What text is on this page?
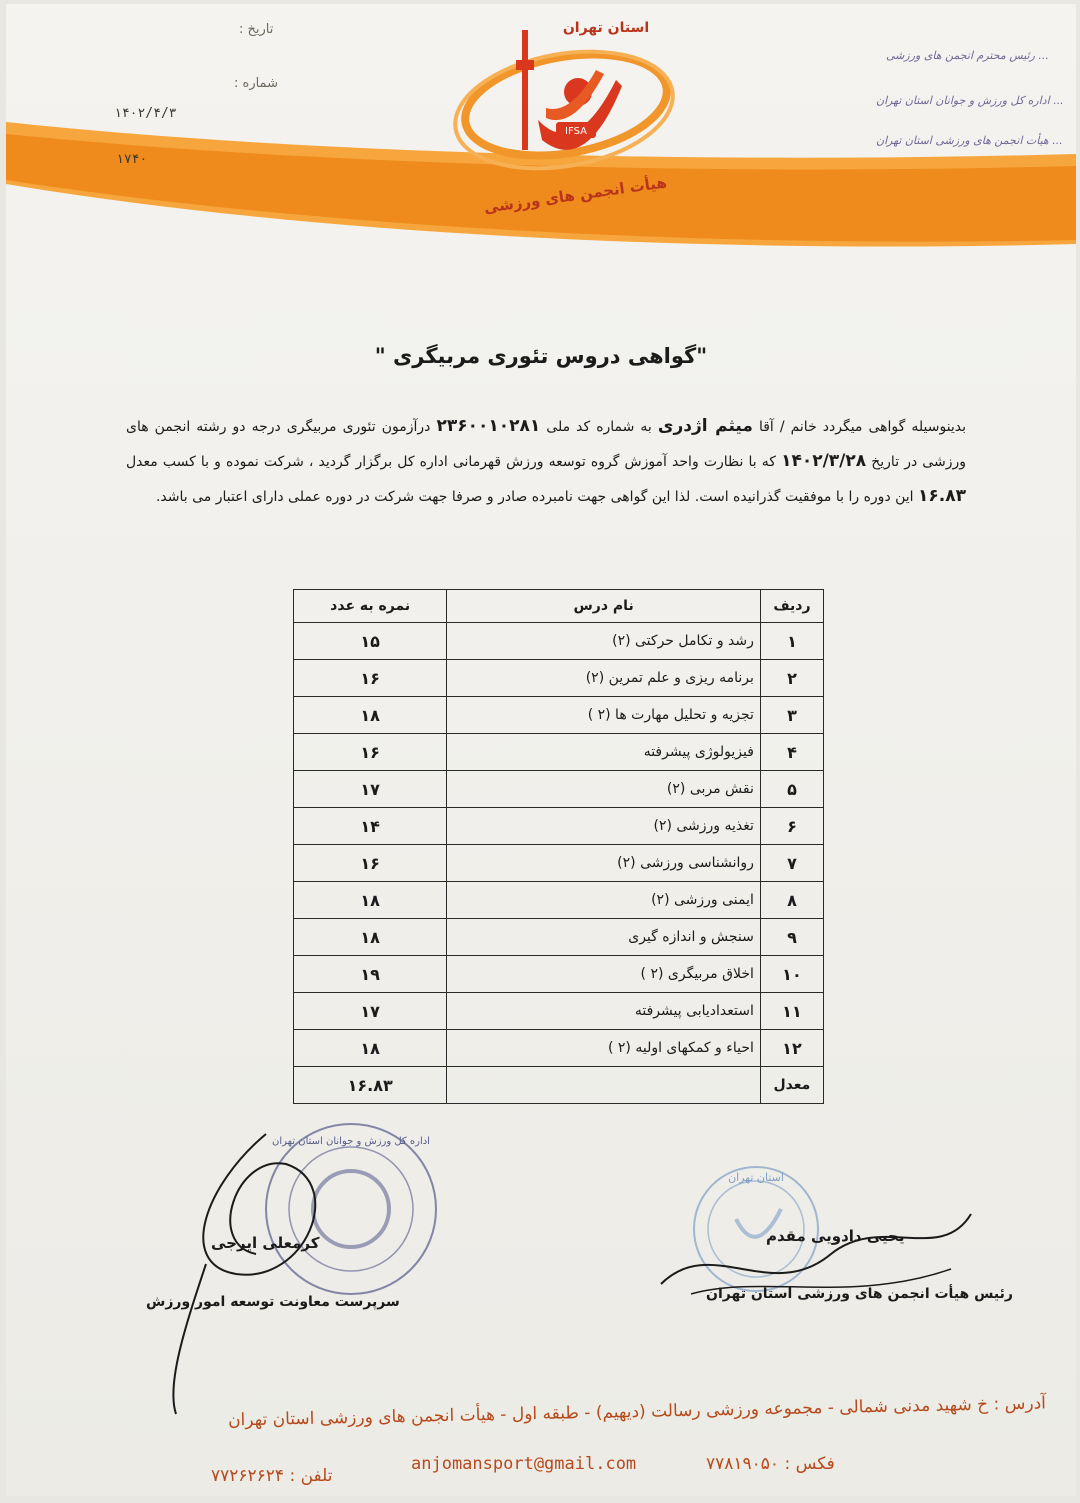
تاریخ :
شماره :
۱۴۰۲/۴/۳
۱۷۴۰
... رئیس محترم انجمن های ورزشی
... اداره کل ورزش و جوانان استان تهران
... هیأت انجمن های ورزشی استان تهران
IFSA
استان تهران
هیأت انجمن های ورزشی
"گواهی دروس تئوری مربیگری "
بدینوسیله گواهی میگردد خانم / آقا میثم اژدری به شماره کد ملی ۲۳۶۰۰۱۰۲۸۱ درآزمون تئوری مربیگری درجه دو رشته انجمن های ورزشی در تاریخ ۱۴۰۲/۳/۲۸ که با نظارت واحد آموزش گروه توسعه ورزش قهرمانی اداره کل برگزار گردید ، شرکت نموده و با کسب معدل ۱۶.۸۳ این دوره را با موفقیت گذرانیده است. لذا این گواهی جهت نامبرده صادر و صرفا جهت شرکت در دوره عملی دارای اعتبار می باشد.
ردیف	نام درس	نمره به عدد
۱	رشد و تکامل حرکتی (۲)	۱۵
۲	برنامه ریزی و علم تمرین (۲)	۱۶
۳	تجزیه و تحلیل مهارت ها (۲ )	۱۸
۴	فیزیولوژی پیشرفته	۱۶
۵	نقش مربی (۲)	۱۷
۶	تغذیه ورزشی (۲)	۱۴
۷	روانشناسی ورزشی (۲)	۱۶
۸	ایمنی ورزشی (۲)	۱۸
۹	سنجش و اندازه گیری	۱۸
۱۰	اخلاق مربیگری (۲ )	۱۹
۱۱	استعدادیابی پیشرفته	۱۷
۱۲	احیاء و کمکهای اولیه (۲ )	۱۸
معدل		۱۶.۸۳
استان تهران
یحیی دادویی مقدم
رئیس هیأت انجمن های ورزشی استان تهران
اداره کل ورزش و جوانان استان تهران
کرمعلی ایرجی
سرپرست معاونت توسعه امور ورزش
آدرس : خ شهید مدنی شمالی - مجموعه ورزشی رسالت (دیهیم) - طبقه اول - هیأت انجمن های ورزشی استان تهران
فکس : ۷۷۸۱۹۰۵۰
anjomansport@gmail.com
تلفن : ۷۷۲۶۲۶۲۴
